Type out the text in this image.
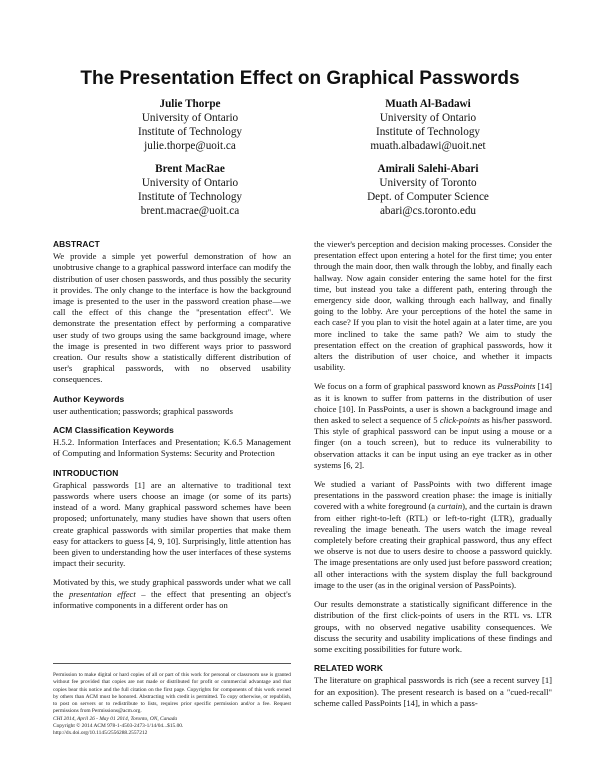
The Presentation Effect on Graphical Passwords
Julie Thorpe
University of Ontario
Institute of Technology
julie.thorpe@uoit.ca
Muath Al-Badawi
University of Ontario
Institute of Technology
muath.albadawi@uoit.net
Brent MacRae
University of Ontario
Institute of Technology
brent.macrae@uoit.ca
Amirali Salehi-Abari
University of Toronto
Dept. of Computer Science
abari@cs.toronto.edu
ABSTRACT

We provide a simple yet powerful demonstration of how an unobtrusive change to a graphical password interface can modify the distribution of user chosen passwords, and thus possibly the security it provides. The only change to the interface is how the background image is presented to the user in the password creation phase—we call the effect of this change the "presentation effect". We demonstrate the presentation effect by performing a comparative user study of two groups using the same background image, where the image is presented in two different ways prior to password creation. Our results show a statistically different distribution of user's graphical passwords, with no observed usability consequences.

Author Keywords

user authentication; passwords; graphical passwords

ACM Classification Keywords

H.5.2. Information Interfaces and Presentation; K.6.5 Management of Computing and Information Systems: Security and Protection

INTRODUCTION

Graphical passwords [1] are an alternative to traditional text passwords where users choose an image (or some of its parts) instead of a word. Many graphical password schemes have been proposed; unfortunately, many studies have shown that users often create graphical passwords with similar properties that make them easy for attackers to guess [4, 9, 10]. Surprisingly, little attention has been given to understanding how the user interfaces of these systems impact their security.

Motivated by this, we study graphical passwords under what we call the presentation effect – the effect that presenting an object's informative components in a different order has on

Permission to make digital or hard copies of all or part of this work for personal or classroom use is granted without fee provided that copies are not made or distributed for profit or commercial advantage and that copies bear this notice and the full citation on the first page. Copyrights for components of this work owned by others than ACM must be honored. Abstracting with credit is permitted. To copy otherwise, or republish, to post on servers or to redistribute to lists, requires prior specific permission and/or a fee. Request permissions from Permissions@acm.org.
CHI 2014, April 26 - May 01 2014, Toronto, ON, Canada
Copyright © 2014 ACM 978-1-4503-2473-1/14/04...$15.00.
http://dx.doi.org/10.1145/2556288.2557212

the viewer's perception and decision making processes. Consider the presentation effect upon entering a hotel for the first time; you enter through the main door, then walk through the lobby, and finally each hallway. Now again consider entering the same hotel for the first time, but instead you take a different path, entering through the emergency side door, walking through each hallway, and finally going to the lobby. Are your perceptions of the hotel the same in each case? If you plan to visit the hotel again at a later time, are you more inclined to take the same path? We aim to study the presentation effect on the creation of graphical passwords, how it alters the distribution of user choice, and whether it impacts usability.

We focus on a form of graphical password known as PassPoints [14] as it is known to suffer from patterns in the distribution of user choice [10]. In PassPoints, a user is shown a background image and then asked to select a sequence of 5 click-points as his/her password. This style of graphical password can be input using a mouse or a finger (on a touch screen), but to reduce its vulnerability to observation attacks it can be input using an eye tracker as in other systems [6, 2].

We studied a variant of PassPoints with two different image presentations in the password creation phase: the image is initially covered with a white foreground (a curtain), and the curtain is drawn from either right-to-left (RTL) or left-to-right (LTR), gradually revealing the image beneath. The users watch the image reveal completely before creating their graphical password, thus any effect we observe is not due to users desire to choose a password quickly. The image presentations are only used just before password creation; all other interactions with the system display the full background image to the user (as in the original version of PassPoints).

Our results demonstrate a statistically significant difference in the distribution of the first click-points of users in the RTL vs. LTR groups, with no observed negative usability consequences. We discuss the security and usability implications of these findings and some exciting possibilities for future work.

RELATED WORK

The literature on graphical passwords is rich (see a recent survey [1] for an exposition). The present research is based on a "cued-recall" scheme called PassPoints [14], in which a pass-
